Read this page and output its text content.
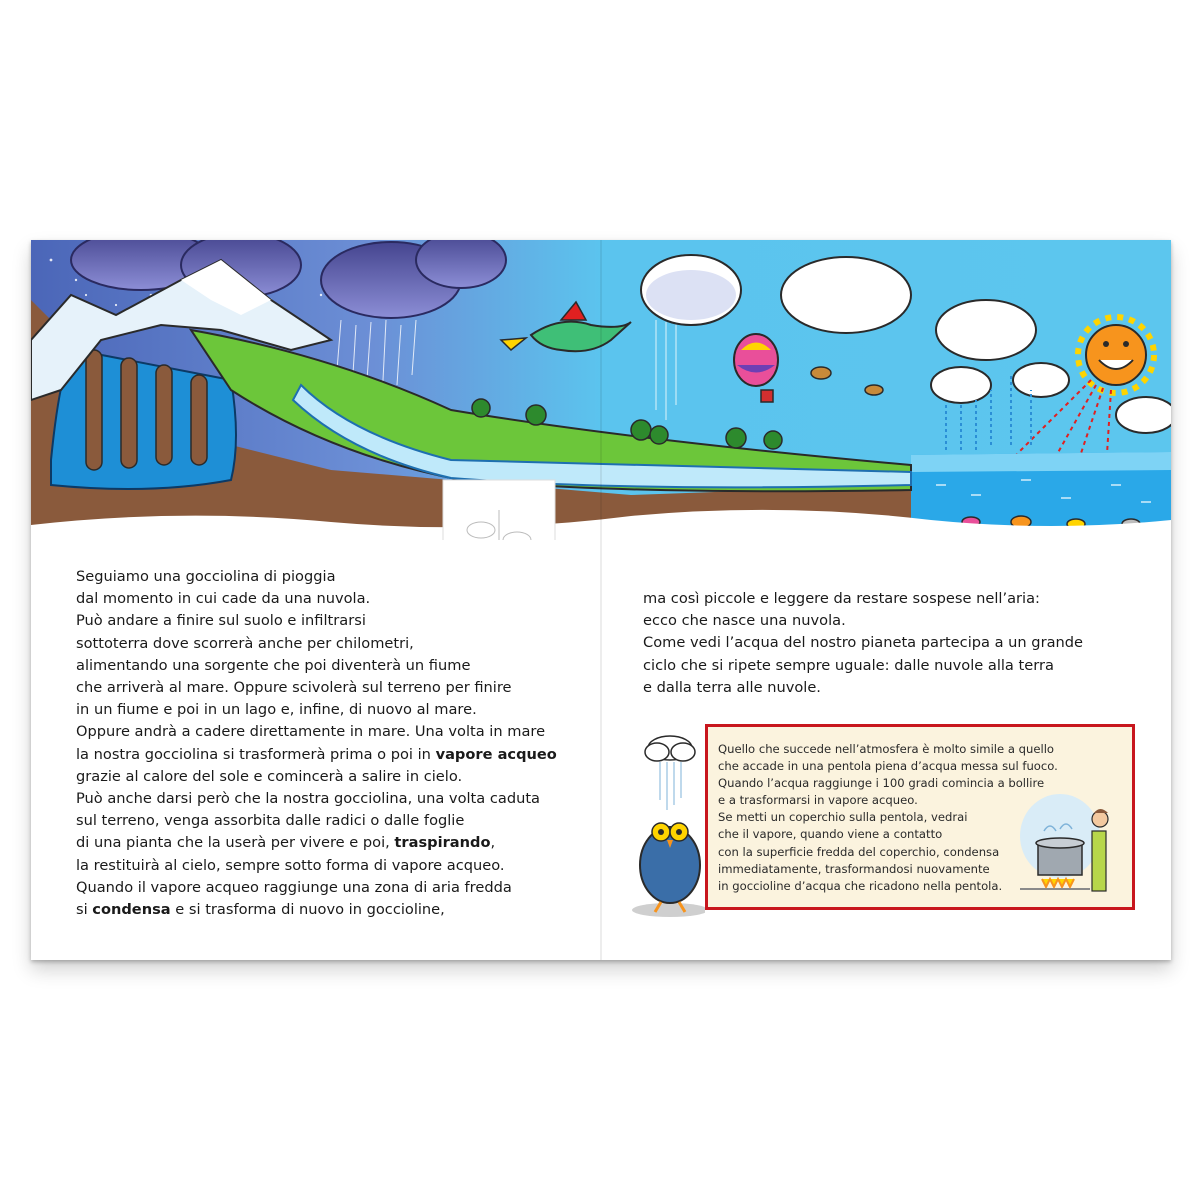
Seguiamo una gocciolina di pioggia

dal momento in cui cade da una nuvola.

Può andare a finire sul suolo e infiltrarsi

sottoterra dove scorrerà anche per chilometri,

alimentando una sorgente che poi diventerà un fiume

che arriverà al mare. Oppure scivolerà sul terreno per finire

in un fiume e poi in un lago e, infine, di nuovo al mare.

Oppure andrà a cadere direttamente in mare. Una volta in mare

la nostra gocciolina si trasformerà prima o poi in vapore acqueo

grazie al calore del sole e comincerà a salire in cielo.

Può anche darsi però che la nostra gocciolina, una volta caduta

sul terreno, venga assorbita dalle radici o dalle foglie

di una pianta che la userà per vivere e poi, traspirando,

la restituirà al cielo, sempre sotto forma di vapore acqueo.

Quando il vapore acqueo raggiunge una zona di aria fredda

si condensa e si trasforma di nuovo in goccioline,

ma così piccole e leggere da restare sospese nell’aria:

ecco che nasce una nuvola.

Come vedi l’acqua del nostro pianeta partecipa a un grande

ciclo che si ripete sempre uguale: dalle nuvole alla terra

e dalla terra alle nuvole.

Quello che succede nell’atmosfera è molto simile a quello

che accade in una pentola piena d’acqua messa sul fuoco.

Quando l’acqua raggiunge i 100 gradi comincia a bollire

e a trasformarsi in vapore acqueo.

Se metti un coperchio sulla pentola, vedrai

che il vapore, quando viene a contatto

con la superficie fredda del coperchio, condensa

immediatamente, trasformandosi nuovamente

in goccioline d’acqua che ricadono nella pentola.
